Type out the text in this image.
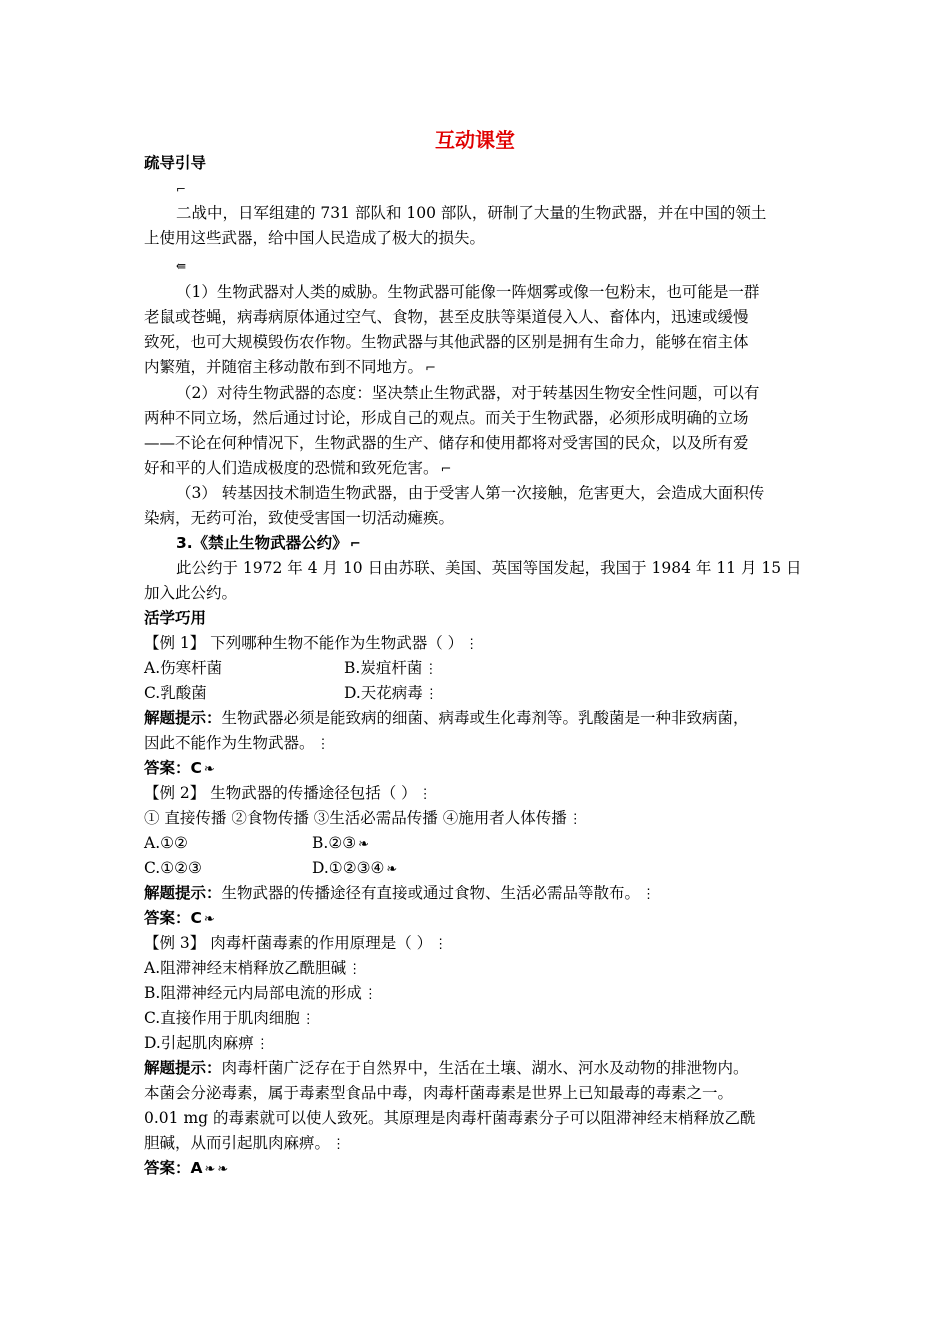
互动课堂
疏导引导
⌐
二战中，日军组建的 731 部队和 100 部队，研制了大量的生物武器，并在中国的领土
上使用这些武器，给中国人民造成了极大的损失。
⇚
（1）生物武器对人类的威胁。生物武器可能像一阵烟雾或像一包粉末，也可能是一群
老鼠或苍蝇，病毒病原体通过空气、食物，甚至皮肤等渠道侵入人、畜体内，迅速或缓慢
致死，也可大规模毁伤农作物。生物武器与其他武器的区别是拥有生命力，能够在宿主体
内繁殖，并随宿主移动散布到不同地方。 ⌐
（2）对待生物武器的态度：坚决禁止生物武器，对于转基因生物安全性问题，可以有
两种不同立场，然后通过讨论，形成自己的观点。而关于生物武器，必须形成明确的立场
——不论在何种情况下，生物武器的生产、储存和使用都将对受害国的民众，以及所有爱
好和平的人们造成极度的恐慌和致死危害。 ⌐
（3） 转基因技术制造生物武器，由于受害人第一次接触，危害更大，会造成大面积传
染病，无药可治，致使受害国一切活动瘫痪。
3.《禁止生物武器公约》 ⌐
此公约于 1972 年 4 月 10 日由苏联、美国、英国等国发起，我国于 1984 年 11 月 15 日
加入此公约。
活学巧用
【例 1】 下列哪种生物不能作为生物武器（ ） ⋮
A.伤寒杆菌	B.炭疽杆菌 ⋮
C.乳酸菌	D.天花病毒 ⋮
解题提示：生物武器必须是能致病的细菌、病毒或生化毒剂等。乳酸菌是一种非致病菌，
因此不能作为生物武器。 ⋮
答案：C ❧
【例 2】 生物武器的传播途径包括（ ） ⋮
① 直接传播 ②食物传播 ③生活必需品传播 ④施用者人体传播 ⋮
A.①②	B.②③ ❧
C.①②③	D.①②③④ ❧
解题提示：生物武器的传播途径有直接或通过食物、生活必需品等散布。 ⋮
答案：C ❧
【例 3】 肉毒杆菌毒素的作用原理是（ ） ⋮
A.阻滞神经末梢释放乙酰胆碱 ⋮
B.阻滞神经元内局部电流的形成 ⋮
C.直接作用于肌肉细胞 ⋮
D.引起肌肉麻痹 ⋮
解题提示：肉毒杆菌广泛存在于自然界中，生活在土壤、湖水、河水及动物的排泄物内。
本菌会分泌毒素，属于毒素型食品中毒，肉毒杆菌毒素是世界上已知最毒的毒素之一。
0.01 mg 的毒素就可以使人致死。其原理是肉毒杆菌毒素分子可以阻滞神经末梢释放乙酰
胆碱，从而引起肌肉麻痹。 ⋮
答案：A ❧ ❧
